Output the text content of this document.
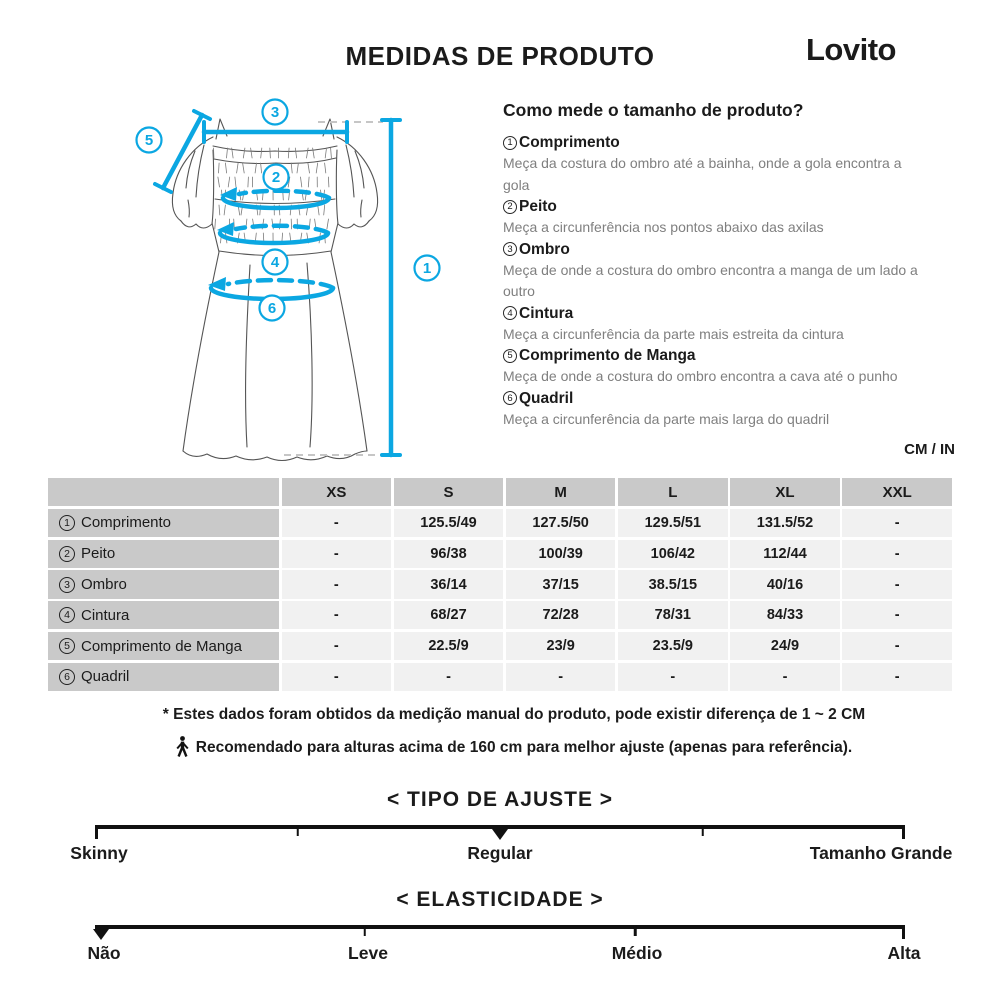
MEDIDAS DE PRODUTO	Lovito
3
5
2
4
6
1
Como mede o tamanho de produto?
1 Comprimento
Meça da costura do ombro até a bainha, onde a gola encontra a gola
2 Peito
Meça a circunferência nos pontos abaixo das axilas
3 Ombro
Meça de onde a costura do ombro encontra a manga de um lado a outro
4 Cintura
Meça a circunferência da parte mais estreita da cintura
5 Comprimento de Manga
Meça de onde a costura do ombro encontra a cava até o punho
6 Quadril
Meça a circunferência da parte mais larga do quadril
CM / IN
XS	S	M	L	XL	XXL
1 Comprimento	-	125.5/49	127.5/50	129.5/51	131.5/52	-
2 Peito	-	96/38	100/39	106/42	112/44	-
3 Ombro	-	36/14	37/15	38.5/15	40/16	-
4 Cintura	-	68/27	72/28	78/31	84/33	-
5 Comprimento de Manga	-	22.5/9	23/9	23.5/9	24/9	-
6 Quadril	-	-	-	-	-	-
* Estes dados foram obtidos da medição manual do produto, pode existir diferença de 1 ~ 2 CM
Recomendado para alturas acima de 160 cm para melhor ajuste (apenas para referência).
< TIPO DE AJUSTE >
Skinny	Regular	Tamanho Grande
< ELASTICIDADE >
Não	Leve	Médio	Alta
